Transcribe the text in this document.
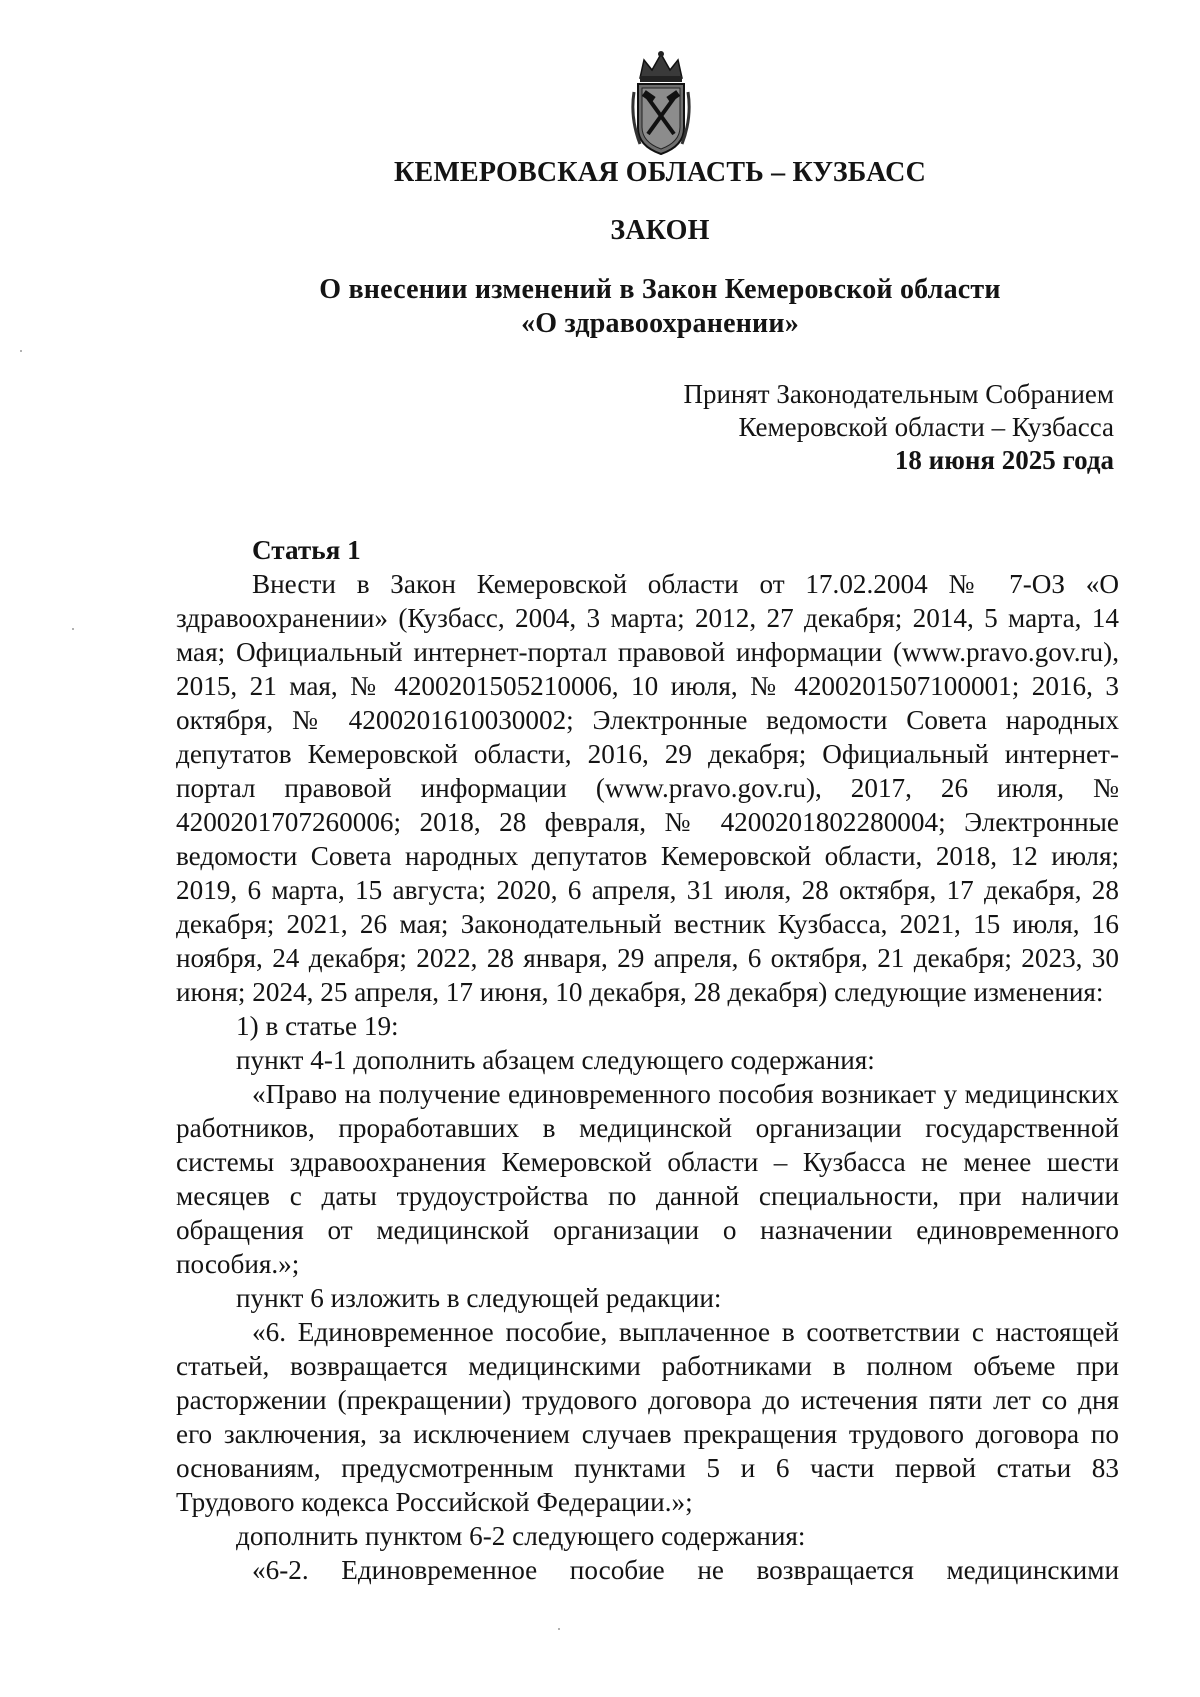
КЕМЕРОВСКАЯ ОБЛАСТЬ – КУЗБАСС
ЗАКОН
О внесении изменений в Закон Кемеровской области
«О здравоохранении»
Принят Законодательным Собранием
Кемеровской области – Кузбасса
18 июня 2025 года
Статья 1

Внести в Закон Кемеровской области от 17.02.2004 № 7-ОЗ «О здравоохранении» (Кузбасс, 2004, 3 марта; 2012, 27 декабря; 2014, 5 марта, 14 мая; Официальный интернет-портал правовой информации (www.pravo.gov.ru), 2015, 21 мая, № 4200201505210006, 10 июля, № 4200201507100001; 2016, 3 октября, № 4200201610030002; Электронные ведомости Совета народных депутатов Кемеровской области, 2016, 29 декабря; Официальный интернет-портал правовой информации (www.pravo.gov.ru), 2017, 26 июля, № 4200201707260006; 2018, 28 февраля, № 4200201802280004; Электронные ведомости Совета народных депутатов Кемеровской области, 2018, 12 июля; 2019, 6 марта, 15 августа; 2020, 6 апреля, 31 июля, 28 октября, 17 декабря, 28 декабря; 2021, 26 мая; Законодательный вестник Кузбасса, 2021, 15 июля, 16 ноября, 24 декабря; 2022, 28 января, 29 апреля, 6 октября, 21 декабря; 2023, 30 июня; 2024, 25 апреля, 17 июня, 10 декабря, 28 декабря) следующие изменения:

1) в статье 19:

пункт 4-1 дополнить абзацем следующего содержания:

«Право на получение единовременного пособия возникает у медицинских работников, проработавших в медицинской организации государственной системы здравоохранения Кемеровской области – Кузбасса не менее шести месяцев с даты трудоустройства по данной специальности, при наличии обращения от медицинской организации о назначении единовременного пособия.»;

пункт 6 изложить в следующей редакции:

«6. Единовременное пособие, выплаченное в соответствии с настоящей статьей, возвращается медицинскими работниками в полном объеме при расторжении (прекращении) трудового договора до истечения пяти лет со дня его заключения, за исключением случаев прекращения трудового договора по основаниям, предусмотренным пунктами 5 и 6 части первой статьи 83 Трудового кодекса Российской Федерации.»;

дополнить пунктом 6-2 следующего содержания:

«6-2. Единовременное пособие не возвращается медицинскими
